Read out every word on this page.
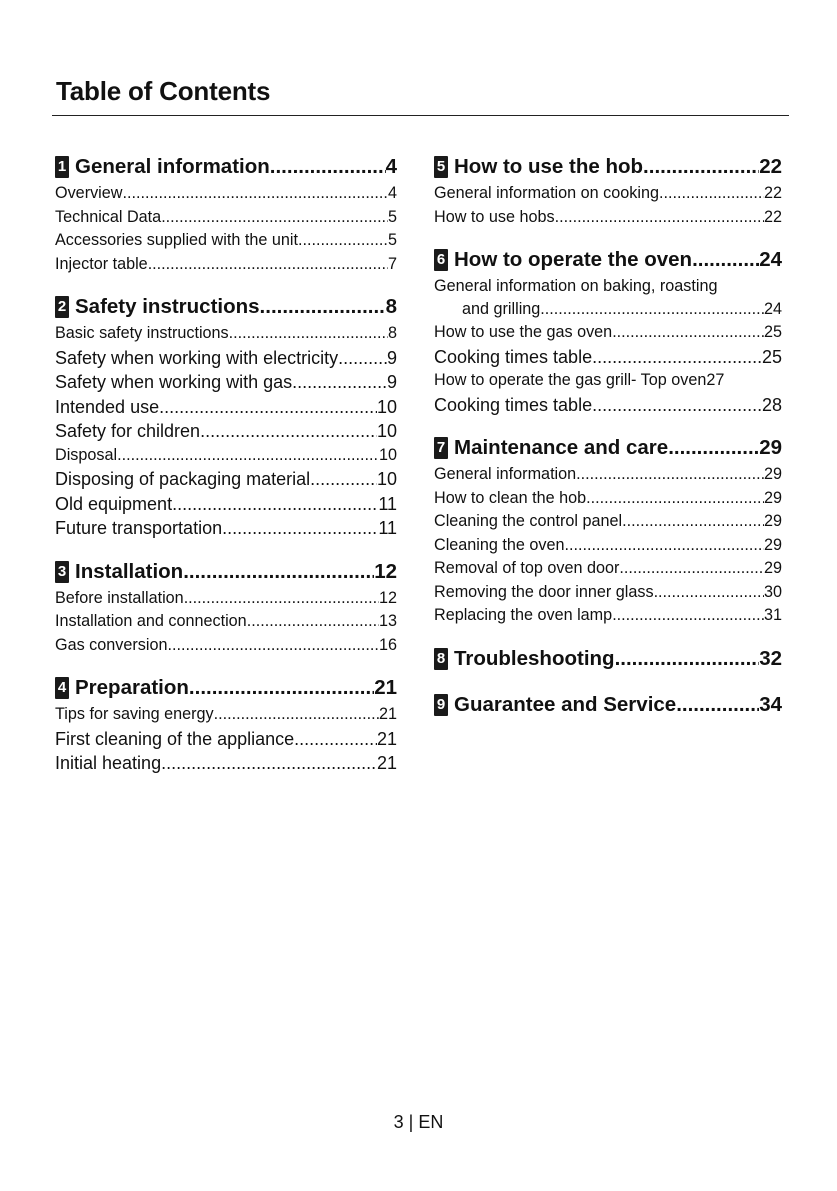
Table of Contents
1 General information .....	4
Overview .....	4
Technical Data .....	5
Accessories supplied with the unit .....	5
Injector table .....	7
2 Safety instructions .....	8
Basic safety instructions .....	8
Safety when working with electricity .....	9
Safety when working with gas .....	9
Intended use .....	10
Safety for children .....	10
Disposal .....	10
Disposing of packaging material .....	10
Old equipment .....	11
Future transportation .....	11
3 Installation .....	12
Before installation .....	12
Installation and connection .....	13
Gas conversion .....	16
4 Preparation .....	21
Tips for saving energy .....	21
First cleaning of the appliance .....	21
Initial heating .....	21
5 How to use the hob .....	22
General information on cooking .....	22
How to use hobs .....	22
6 How to operate the oven .....	24
General information on baking, roasting
and grilling .....	24
How to use the gas oven .....	25
Cooking times table .....	25
How to operate the gas grill- Top oven 27
Cooking times table .....	28
7 Maintenance and care .....	29
General information .....	29
How to clean the hob .....	29
Cleaning the control panel .....	29
Cleaning the oven .....	29
Removal of top oven door .....	29
Removing the door inner glass .....	30
Replacing the oven lamp .....	31
8 Troubleshooting .....	32
9 Guarantee and Service .....	34
3 | EN
